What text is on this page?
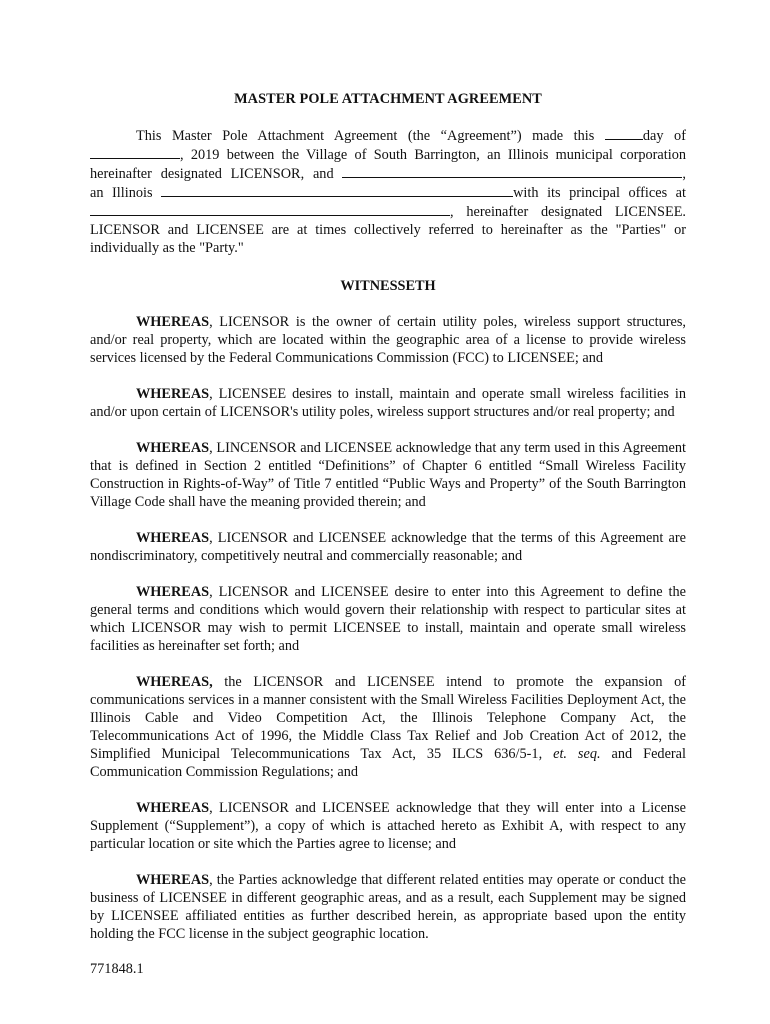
MASTER POLE ATTACHMENT AGREEMENT
This Master Pole Attachment Agreement (the “Agreement”) made this	day of
, 2019 between the Village of South Barrington, an Illinois municipal corporation
hereinafter designated LICENSOR, and	,
an Illinois	with its principal offices at
, hereinafter designated LICENSEE.
LICENSOR and LICENSEE are at times collectively referred to hereinafter as the "Parties" or individually as the "Party."
WITNESSETH

WHEREAS, LICENSOR is the owner of certain utility poles, wireless support structures, and/or real property, which are located within the geographic area of a license to provide wireless services licensed by the Federal Communications Commission (FCC) to LICENSEE; and

WHEREAS, LICENSEE desires to install, maintain and operate small wireless facilities in and/or upon certain of LICENSOR's utility poles, wireless support structures and/or real property; and

WHEREAS, LINCENSOR and LICENSEE acknowledge that any term used in this Agreement that is defined in Section 2 entitled “Definitions” of Chapter 6 entitled “Small Wireless Facility Construction in Rights-of-Way” of Title 7 entitled “Public Ways and Property” of the South Barrington Village Code shall have the meaning provided therein; and

WHEREAS, LICENSOR and LICENSEE acknowledge that the terms of this Agreement are nondiscriminatory, competitively neutral and commercially reasonable; and

WHEREAS, LICENSOR and LICENSEE desire to enter into this Agreement to define the general terms and conditions which would govern their relationship with respect to particular sites at which LICENSOR may wish to permit LICENSEE to install, maintain and operate small wireless facilities as hereinafter set forth; and

WHEREAS, the LICENSOR and LICENSEE intend to promote the expansion of communications services in a manner consistent with the Small Wireless Facilities Deployment Act, the Illinois Cable and Video Competition Act, the Illinois Telephone Company Act, the Telecommunications Act of 1996, the Middle Class Tax Relief and Job Creation Act of 2012, the Simplified Municipal Telecommunications Tax Act, 35 ILCS 636/5-1, et. seq. and Federal Communication Commission Regulations; and

WHEREAS, LICENSOR and LICENSEE acknowledge that they will enter into a License Supplement (“Supplement”), a copy of which is attached hereto as Exhibit A, with respect to any particular location or site which the Parties agree to license; and

WHEREAS, the Parties acknowledge that different related entities may operate or conduct the business of LICENSEE in different geographic areas, and as a result, each Supplement may be signed by LICENSEE affiliated entities as further described herein, as appropriate based upon the entity holding the FCC license in the subject geographic location.

771848.1
